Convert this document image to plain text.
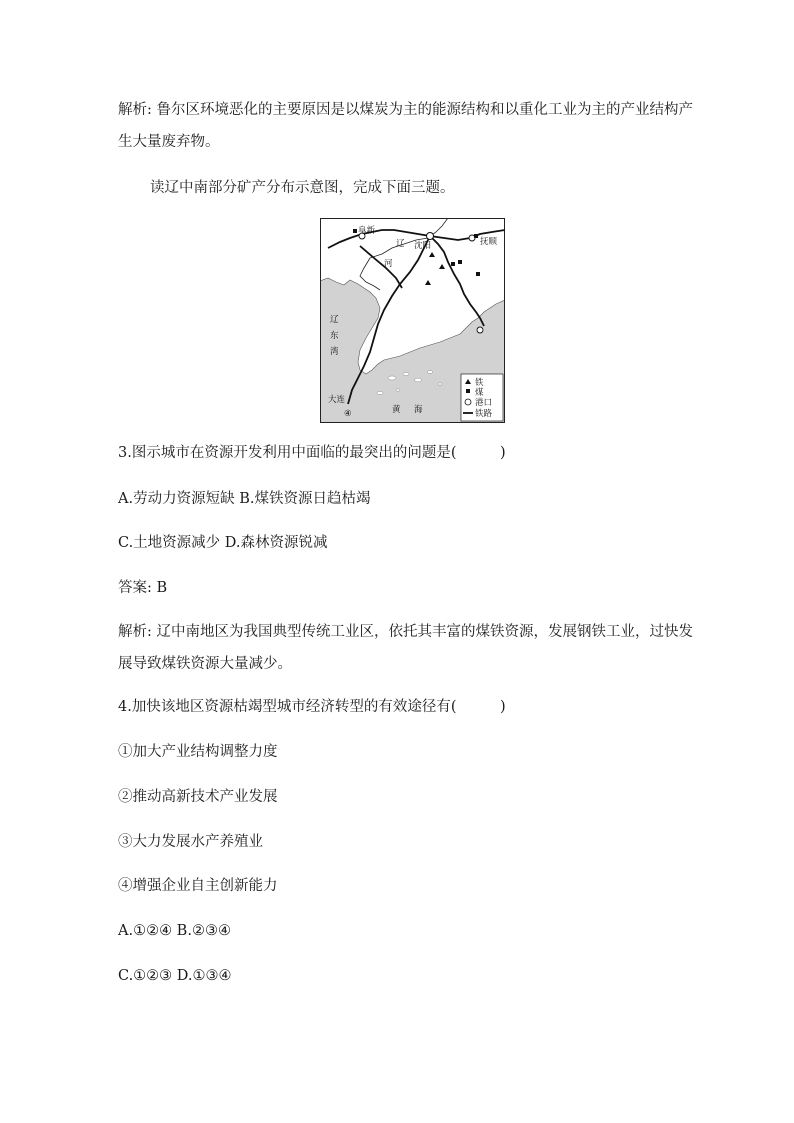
解析: 鲁尔区环境恶化的主要原因是以煤炭为主的能源结构和以重化工业为主的产业结构产
生大量废弃物。
读辽中南部分矿产分布示意图，完成下面三题。
阜新
沈阳	抚顺
大连
④
辽
河
辽
东
湾
黄 海
铁
煤
港口
铁路
3.图示城市在资源开发利用中面临的最突出的问题是(　　　)
A.劳动力资源短缺 B.煤铁资源日趋枯竭
C.土地资源减少 D.森林资源锐减
答案: B
解析: 辽中南地区为我国典型传统工业区，依托其丰富的煤铁资源，发展钢铁工业，过快发
展导致煤铁资源大量减少。
4.加快该地区资源枯竭型城市经济转型的有效途径有(　　　)
①加大产业结构调整力度
②推动高新技术产业发展
③大力发展水产养殖业
④增强企业自主创新能力
A.①②④ B.②③④
C.①②③ D.①③④
